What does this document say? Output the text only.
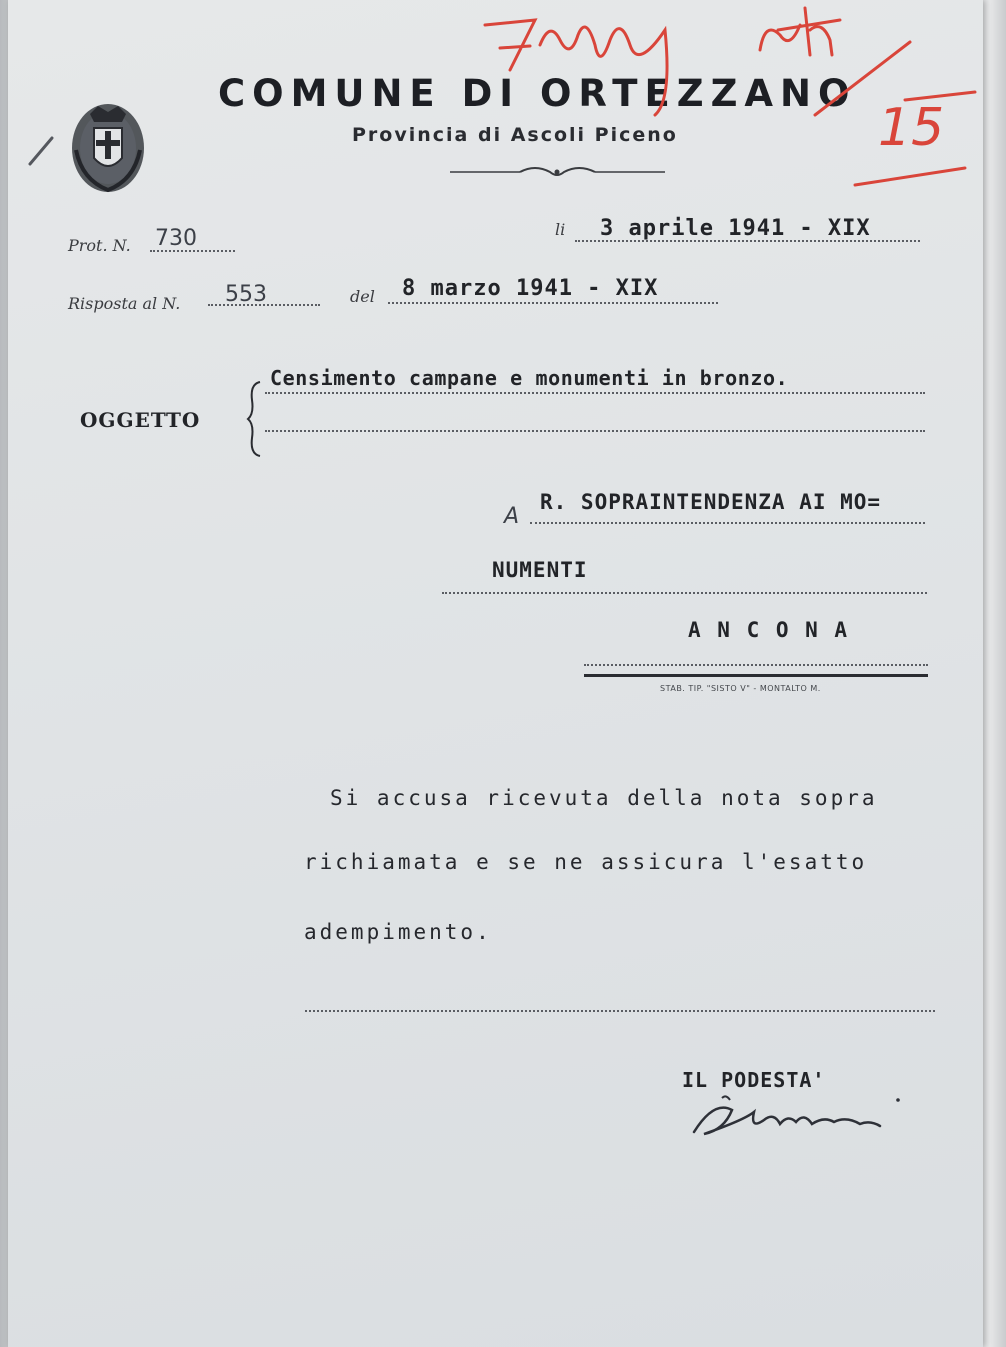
COMUNE DI ORTEZZANO
Provincia di Ascoli Piceno	15
Prot. N. 730	li 3 aprile 1941 - XIX
Risposta al N. 553	del 8 marzo 1941 - XIX
OGGETTO
Censimento campane e monumenti in bronzo.
A
R. SOPRAINTENDENZA AI MO=
NUMENTI
A N C O N A
STAB. TIP. "SISTO V" - MONTALTO M.
Si accusa ricevuta della nota sopra
richiamata e se ne assicura l'esatto
adempimento.
IL PODESTA'
